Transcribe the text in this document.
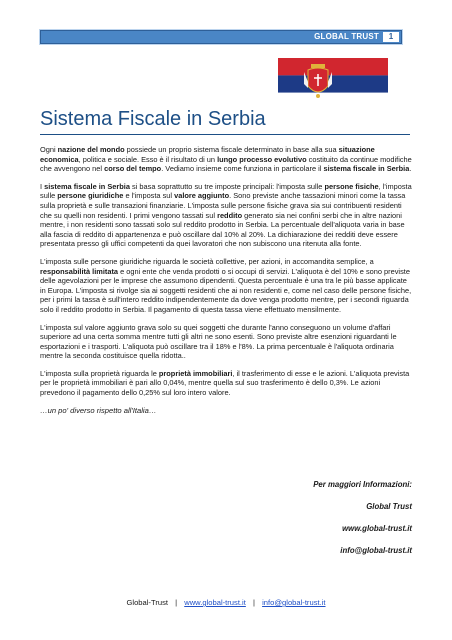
GLOBAL TRUST	1
Sistema Fiscale in Serbia

Ogni nazione del mondo possiede un proprio sistema fiscale determinato in base alla sua situazione economica, politica e sociale. Esso è il risultato di un lungo processo evolutivo costituito da continue modifiche che avvengono nel corso del tempo. Vediamo insieme come funziona in particolare il sistema fiscale in Serbia.

I sistema fiscale in Serbia si basa soprattutto su tre imposte principali: l'imposta sulle persone fisiche, l'imposta sulle persone giuridiche e l'imposta sul valore aggiunto. Sono previste anche tassazioni minori come la tassa sulla proprietà e sulle transazioni finanziarie. L'imposta sulle persone fisiche grava sia sui contribuenti residenti che su quelli non residenti. I primi vengono tassati sul reddito generato sia nei confini serbi che in altre nazioni mentre, i non residenti sono tassati solo sul reddito prodotto in Serbia. La percentuale dell'aliquota varia in base alla fascia di reddito di appartenenza e può oscillare dal 10% al 20%. La dichiarazione dei redditi deve essere presentata presso gli uffici competenti da quei lavoratori che non subiscono una ritenuta alla fonte.

L'imposta sulle persone giuridiche riguarda le società collettive, per azioni, in accomandita semplice, a responsabilità limitata e ogni ente che venda prodotti o si occupi di servizi. L'aliquota è del 10% e sono previste delle agevolazioni per le imprese che assumono dipendenti. Questa percentuale è una tra le più basse applicate in Europa. L'imposta si rivolge sia ai soggetti residenti che ai non residenti e, come nel caso delle persone fisiche, per i primi la tassa è sull'intero reddito indipendentemente da dove venga prodotto mentre, per i secondi riguarda solo il reddito prodotto in Serbia. Il pagamento di questa tassa viene effettuato mensilmente.

L'imposta sul valore aggiunto grava solo su quei soggetti che durante l'anno conseguono un volume d'affari superiore ad una certa somma mentre tutti gli altri ne sono esenti. Sono previste altre esenzioni riguardanti le esportazioni e i trasporti. L'aliquota può oscillare tra il 18% e l'8%. La prima percentuale è l'aliquota ordinaria mentre la seconda costituisce quella ridotta..

L'imposta sulla proprietà riguarda le proprietà immobiliari, il trasferimento di esse e le azioni. L'aliquota prevista per le proprietà immobiliari è pari allo 0,04%, mentre quella sul suo trasferimento è dello 0,3%. Le azioni prevedono il pagamento dello 0,25% sul loro intero valore.

…un po' diverso rispetto all'Italia…

Per maggiori Informazioni:
Global Trust
www.global-trust.it
info@global-trust.it
Global-Trust | www.global-trust.it | info@global-trust.it
